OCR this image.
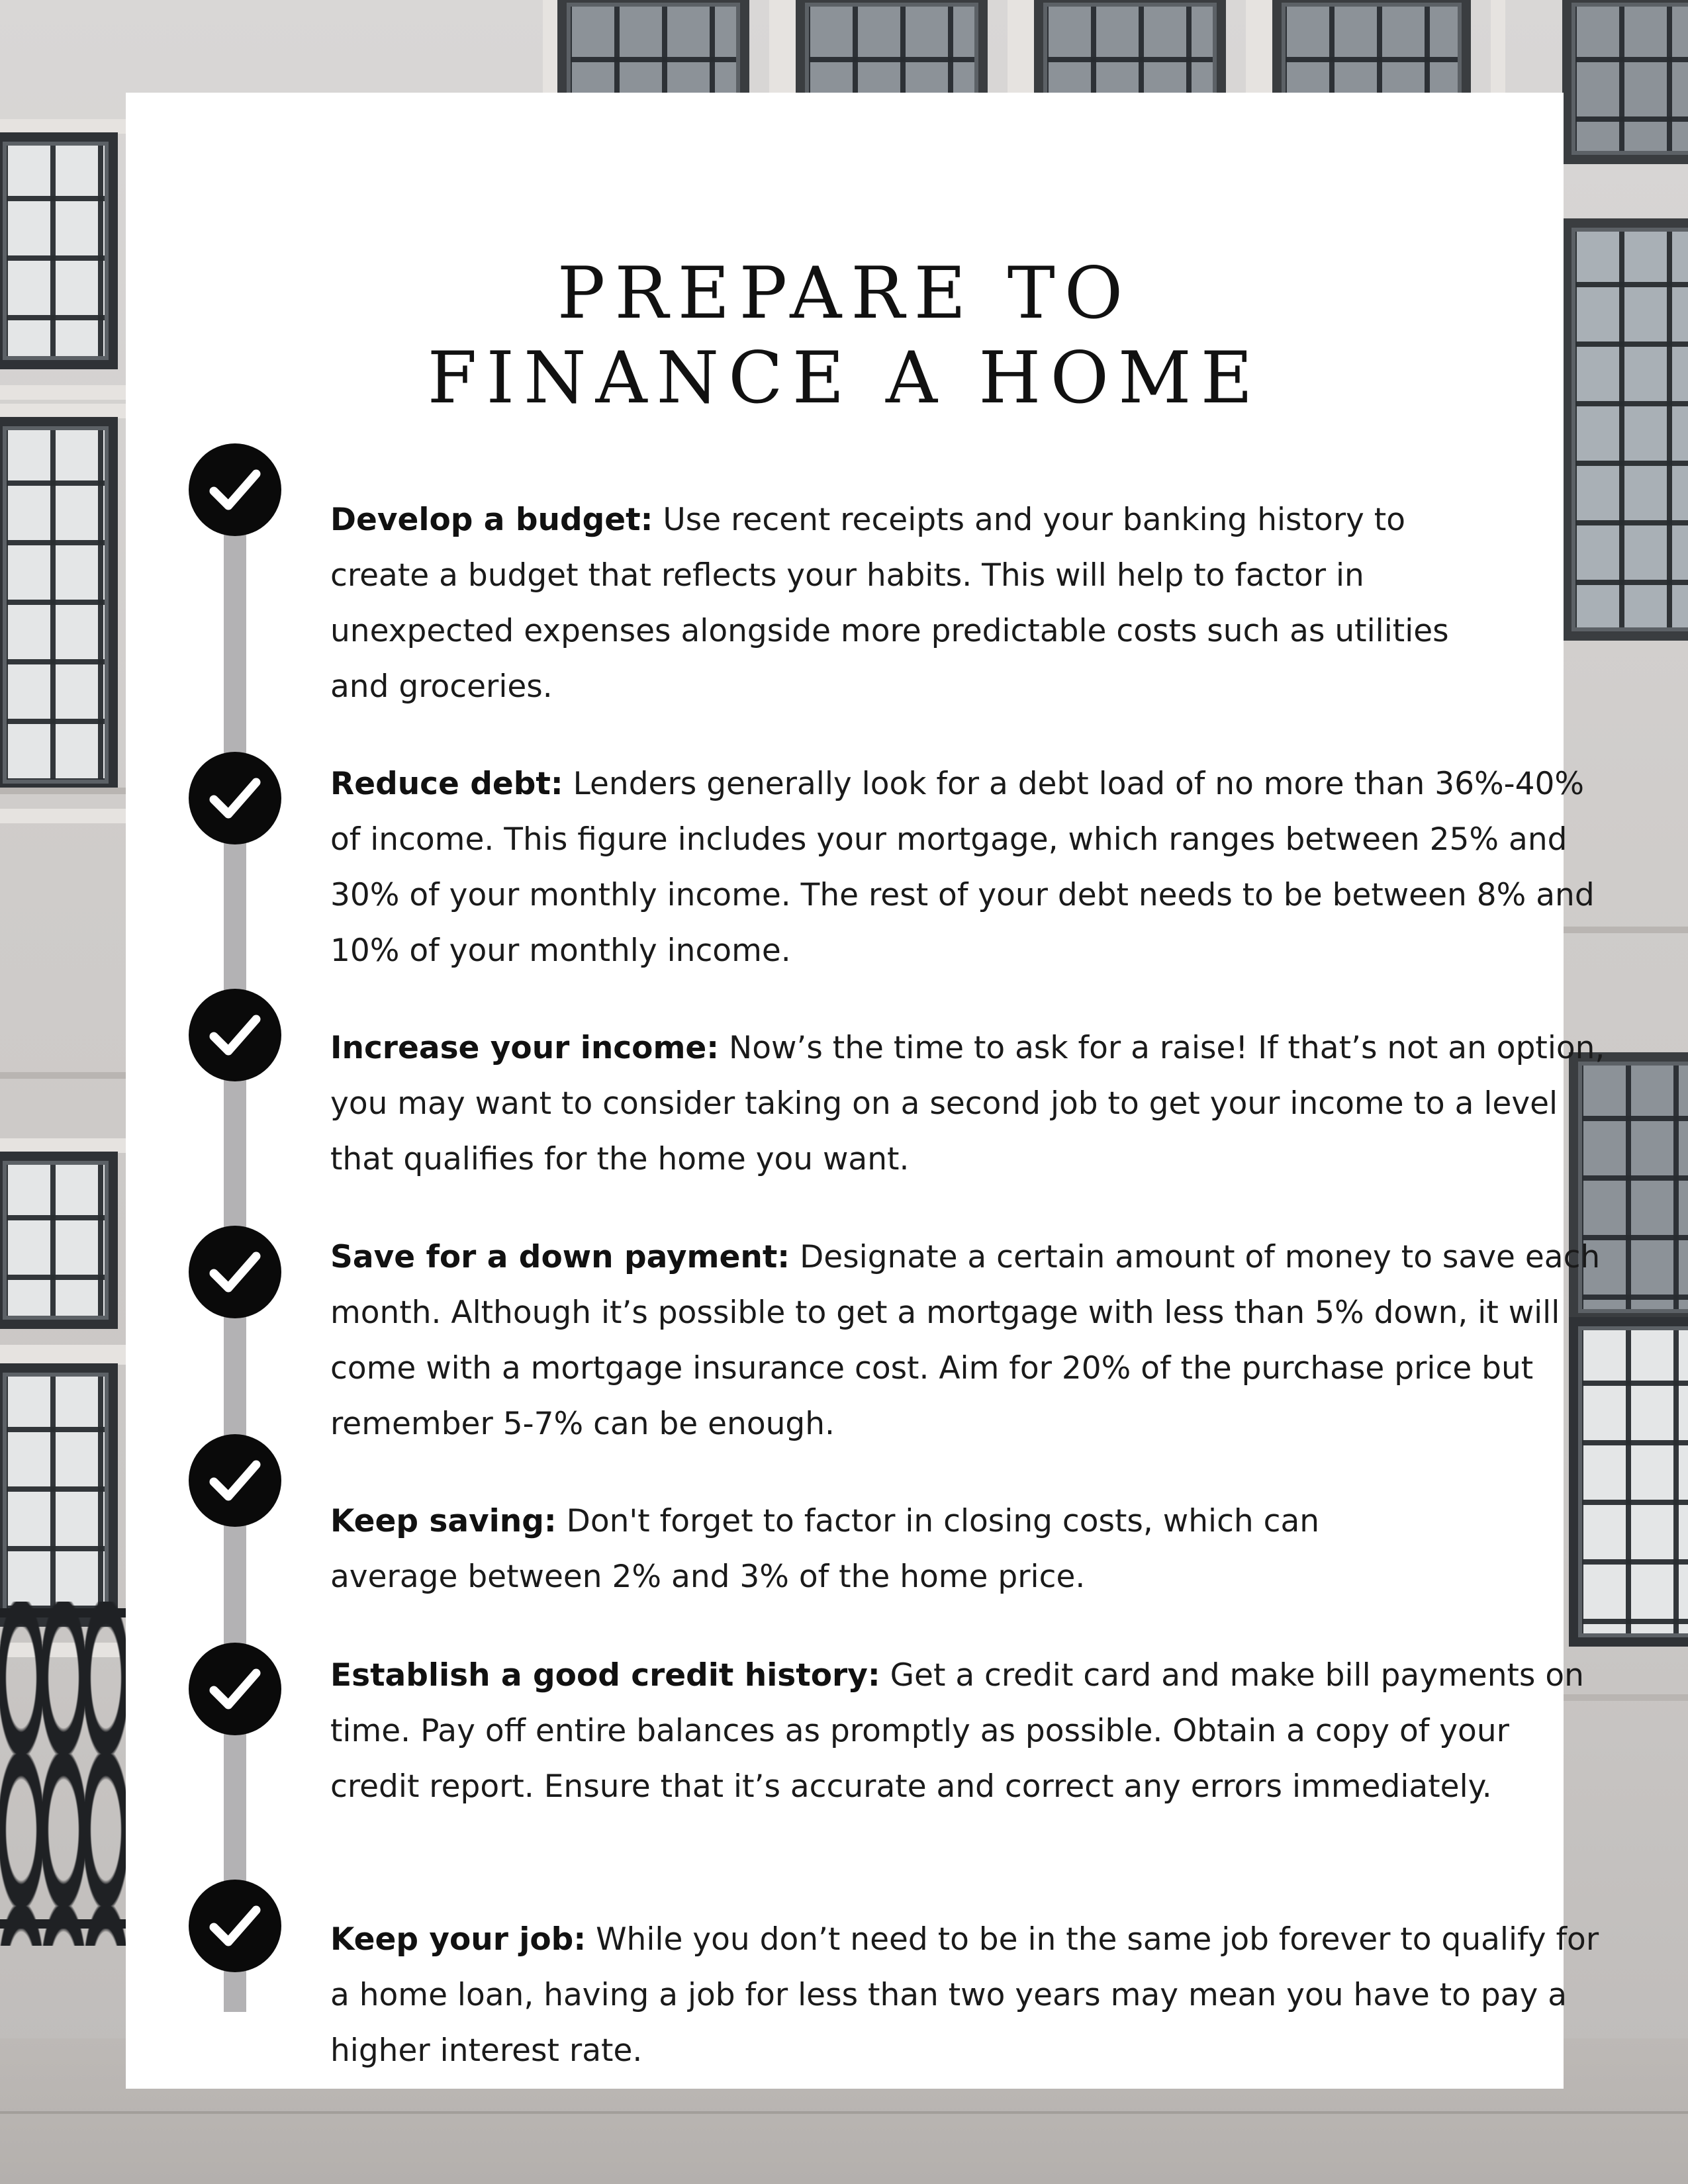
PREPARE TO
FINANCE A HOME

Develop a budget: Use recent receipts and your banking history to create a budget that reflects your habits. This will help to factor in unexpected expenses alongside more predictable costs such as utilities and groceries.

Reduce debt: Lenders generally look for a debt load of no more than 36%-40% of income. This figure includes your mortgage, which ranges between 25% and 30% of your monthly income. The rest of your debt needs to be between 8% and 10% of your monthly income.

Increase your income: Now’s the time to ask for a raise! If that’s not an option, you may want to consider taking on a second job to get your income to a level that qualifies for the home you want.

Save for a down payment: Designate a certain amount of money to save each month. Although it’s possible to get a mortgage with less than 5% down, it will come with a mortgage insurance cost. Aim for 20% of the purchase price but remember 5-7% can be enough.

Keep saving: Don't forget to factor in closing costs, which can average between 2% and 3% of the home price.

Establish a good credit history: Get a credit card and make bill payments on time. Pay off entire balances as promptly as possible. Obtain a copy of your credit report. Ensure that it’s accurate and correct any errors immediately.

Keep your job: While you don’t need to be in the same job forever to qualify for a home loan, having a job for less than two years may mean you have to pay a higher interest rate.
